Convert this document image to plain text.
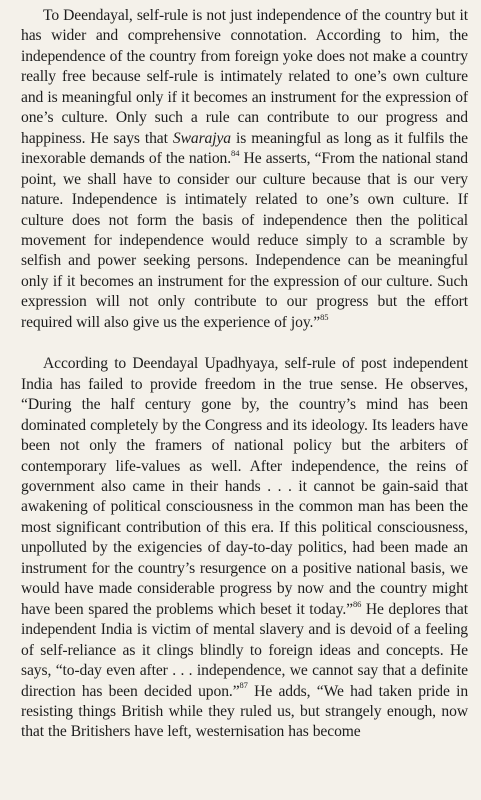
To Deendayal, self-rule is not just independence of the country but it has wider and comprehensive connotation. According to him, the independence of the country from foreign yoke does not make a country really free because self-rule is intimately related to one’s own culture and is meaningful only if it becomes an instrument for the expression of one’s culture. Only such a rule can contribute to our progress and happiness. He says that Swarajya is meaningful as long as it fulfils the inexorable demands of the nation.$^{84}$ He asserts, “From the national stand point, we shall have to consider our culture because that is our very nature. Independence is intimately related to one’s own culture. If culture does not form the basis of independence then the political movement for independence would reduce simply to a scramble by selfish and power seeking persons. Independence can be meaningful only if it becomes an instrument for the expression of our culture. Such expression will not only contribute to our progress but the effort required will also give us the experience of joy.”$^{85}$

According to Deendayal Upadhyaya, self-rule of post independent India has failed to provide freedom in the true sense. He observes, “During the half century gone by, the country’s mind has been dominated completely by the Congress and its ideology. Its leaders have been not only the framers of national policy but the arbiters of contemporary life-values as well. After independence, the reins of government also came in their hands . . . it cannot be gain-said that awakening of political consciousness in the common man has been the most significant contribution of this era. If this political consciousness, unpolluted by the exigencies of day-to-day politics, had been made an instrument for the country’s resurgence on a positive national basis, we would have made considerable progress by now and the country might have been spared the problems which beset it today.”$^{86}$ He deplores that independent India is victim of mental slavery and is devoid of a feeling of self-reliance as it clings blindly to foreign ideas and concepts. He says, “to-day even after . . . independence, we cannot say that a definite direction has been decided upon.”$^{87}$ He adds, “We had taken pride in resisting things British while they ruled us, but strangely enough, now that the Britishers have left, westernisation has become
